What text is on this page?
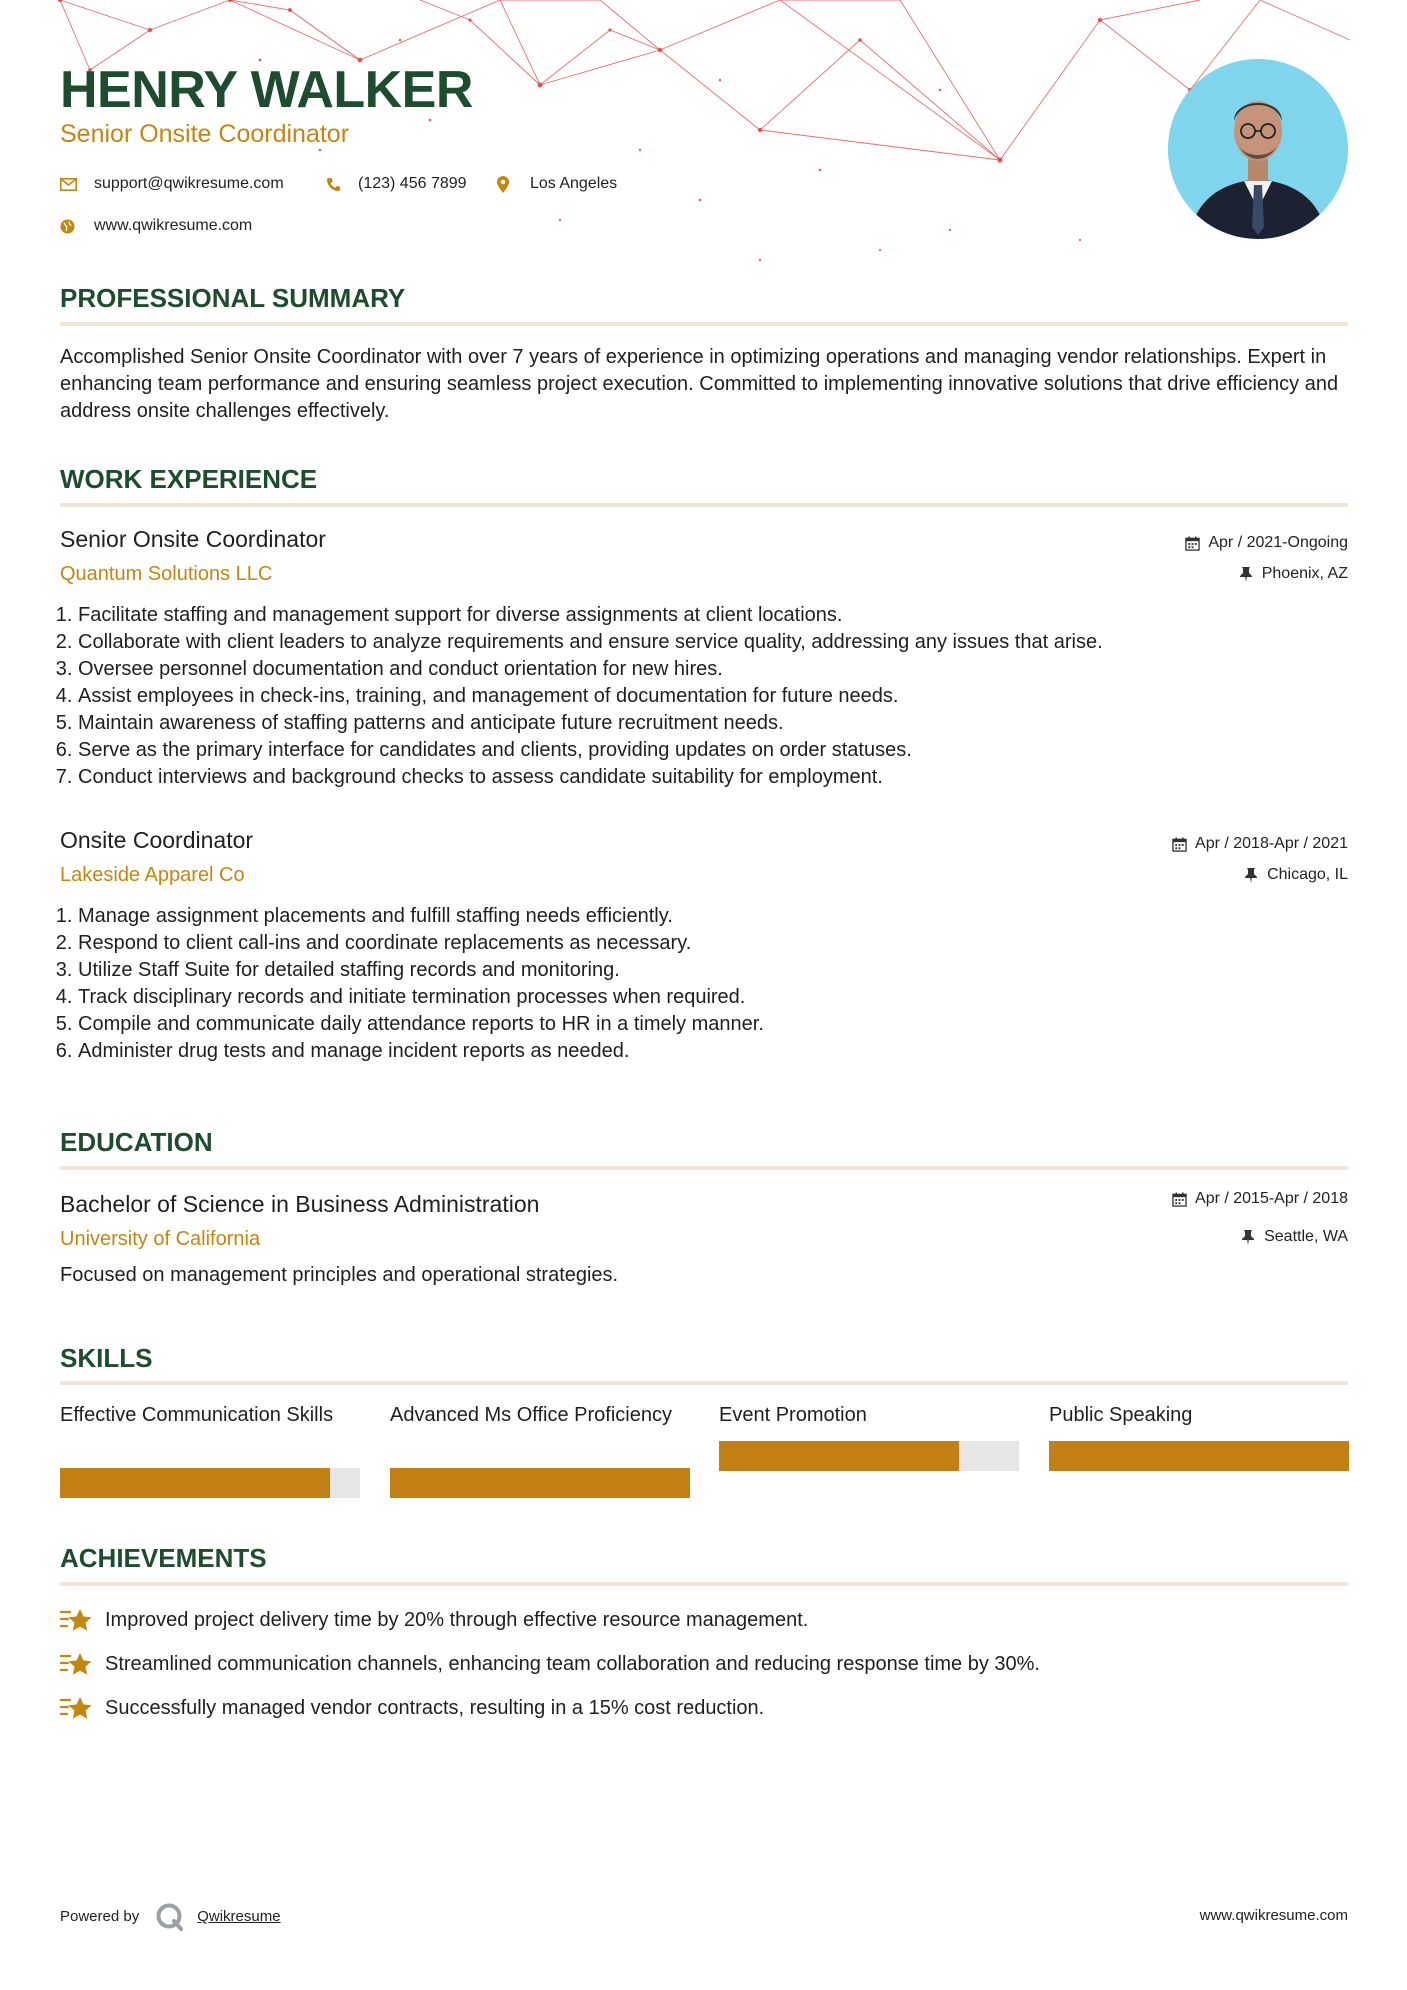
HENRY WALKER
Senior Onsite Coordinator
support@qwikresume.com	(123) 456 7899	Los Angeles
www.qwikresume.com
PROFESSIONAL SUMMARY
Accomplished Senior Onsite Coordinator with over 7 years of experience in optimizing operations and managing vendor relationships. Expert in enhancing team performance and ensuring seamless project execution. Committed to implementing innovative solutions that drive efficiency and address onsite challenges effectively.
WORK EXPERIENCE
Senior Onsite Coordinator
Quantum Solutions LLC
Apr / 2021-Ongoing
Phoenix, AZ
1. Facilitate staffing and management support for diverse assignments at client locations.
2. Collaborate with client leaders to analyze requirements and ensure service quality, addressing any issues that arise.
3. Oversee personnel documentation and conduct orientation for new hires.
4. Assist employees in check-ins, training, and management of documentation for future needs.
5. Maintain awareness of staffing patterns and anticipate future recruitment needs.
6. Serve as the primary interface for candidates and clients, providing updates on order statuses.
7. Conduct interviews and background checks to assess candidate suitability for employment.
Onsite Coordinator
Lakeside Apparel Co
Apr / 2018-Apr / 2021
Chicago, IL
1. Manage assignment placements and fulfill staffing needs efficiently.
2. Respond to client call-ins and coordinate replacements as necessary.
3. Utilize Staff Suite for detailed staffing records and monitoring.
4. Track disciplinary records and initiate termination processes when required.
5. Compile and communicate daily attendance reports to HR in a timely manner.
6. Administer drug tests and manage incident reports as needed.
EDUCATION
Bachelor of Science in Business Administration
University of California
Apr / 2015-Apr / 2018
Seattle, WA
Focused on management principles and operational strategies.
SKILLS
Effective Communication Skills	Advanced Ms Office Proficiency	Event Promotion	Public Speaking
ACHIEVEMENTS
Improved project delivery time by 20% through effective resource management.
Streamlined communication channels, enhancing team collaboration and reducing response time by 30%.
Successfully managed vendor contracts, resulting in a 15% cost reduction.
Powered by	Qwikresume	www.qwikresume.com
